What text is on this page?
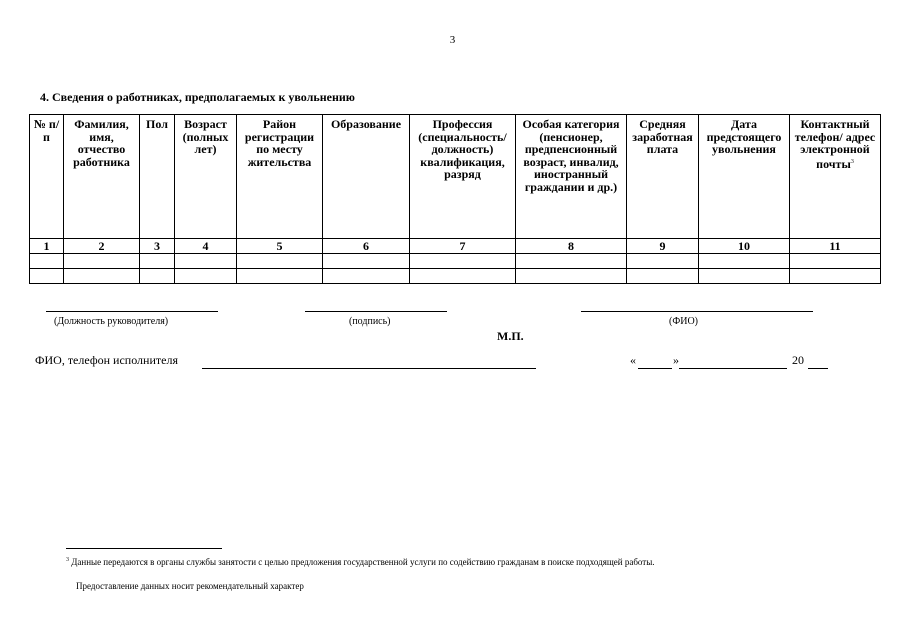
3
4. Сведения о работниках, предполагаемых к увольнению
№ п/п	Фамилия, имя, отчество работника	Пол	Возраст (полных лет)	Район регистрации по месту жительства	Образование	Профессия (специальность/ должность) квалификация, разряд	Особая категория (пенсионер, предпенсионный возраст, инвалид, иностранный граждании и др.)	Средняя заработная плата	Дата предстоящего увольнения	Контактный телефон/ адрес электронной почты$^3$
1	2	3	4	5	6	7	8	9	10	11

(Должность руководителя)	(подпись)	(ФИО)
М.П.
ФИО, телефон исполнителя	«	»	20
$^3$ Данные передаются в органы службы занятости с целью предложения государственной услуги по содействию гражданам в поиске подходящей работы.
Предоставление данных носит рекомендательный характер
